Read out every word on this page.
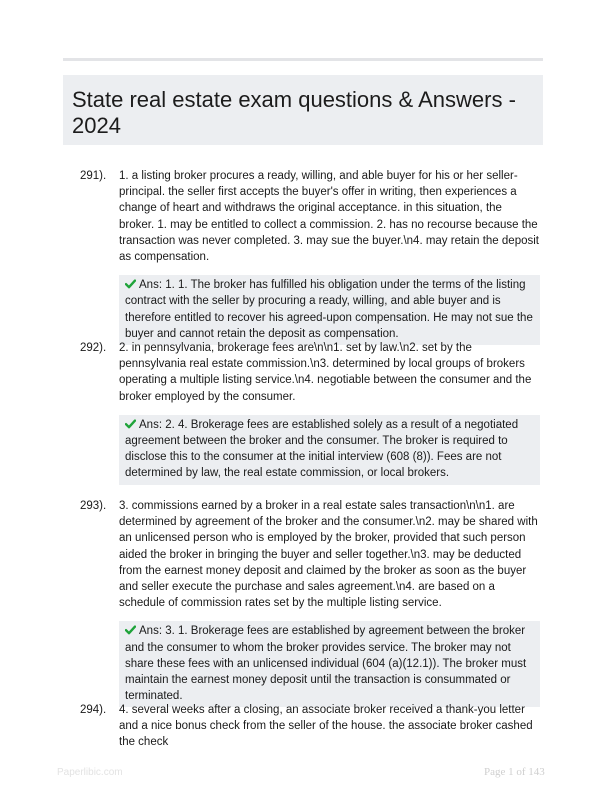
State real estate exam questions & Answers - 2024
291). 1. a listing broker procures a ready, willing, and able buyer for his or her seller-principal. the seller first accepts the buyer's offer in writing, then experiences a change of heart and withdraws the original acceptance. in this situation, the broker. 1. may be entitled to collect a commission. 2. has no recourse because the transaction was never completed. 3. may sue the buyer.\n4. may retain the deposit as compensation.
Ans: 1. 1. The broker has fulfilled his obligation under the terms of the listing contract with the seller by procuring a ready, willing, and able buyer and is therefore entitled to recover his agreed-upon compensation. He may not sue the buyer and cannot retain the deposit as compensation.
292). 2. in pennsylvania, brokerage fees are\n\n1. set by law.\n2. set by the pennsylvania real estate commission.\n3. determined by local groups of brokers operating a multiple listing service.\n4. negotiable between the consumer and the broker employed by the consumer.
Ans: 2. 4. Brokerage fees are established solely as a result of a negotiated agreement between the broker and the consumer. The broker is required to disclose this to the consumer at the initial interview (608 (8)). Fees are not determined by law, the real estate commission, or local brokers.
293). 3. commissions earned by a broker in a real estate sales transaction\n\n1. are determined by agreement of the broker and the consumer.\n2. may be shared with an unlicensed person who is employed by the broker, provided that such person aided the broker in bringing the buyer and seller together.\n3. may be deducted from the earnest money deposit and claimed by the broker as soon as the buyer and seller execute the purchase and sales agreement.\n4. are based on a schedule of commission rates set by the multiple listing service.
Ans: 3. 1. Brokerage fees are established by agreement between the broker and the consumer to whom the broker provides service. The broker may not share these fees with an unlicensed individual (604 (a)(12.1)). The broker must maintain the earnest money deposit until the transaction is consummated or terminated.
294). 4. several weeks after a closing, an associate broker received a thank-you letter and a nice bonus check from the seller of the house. the associate broker cashed the check
Paperlibic.com	Page 1 of 143
